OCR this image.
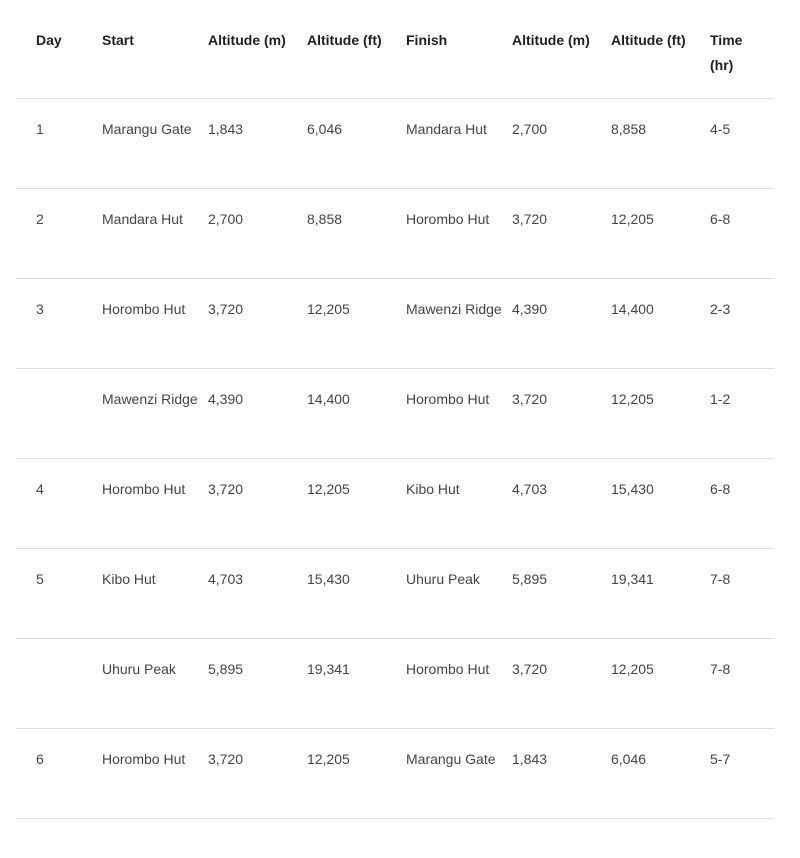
Day	Start	Altitude (m)	Altitude (ft)	Finish	Altitude (m)	Altitude (ft)	Time (hr)

1	Marangu Gate	1,843	6,046	Mandara Hut	2,700	8,858	4-5

2	Mandara Hut	2,700	8,858	Horombo Hut	3,720	12,205	6-8

3	Horombo Hut	3,720	12,205	Mawenzi Ridge	4,390	14,400	2-3

	Mawenzi Ridge	4,390	14,400	Horombo Hut	3,720	12,205	1-2

4	Horombo Hut	3,720	12,205	Kibo Hut	4,703	15,430	6-8

5	Kibo Hut	4,703	15,430	Uhuru Peak	5,895	19,341	7-8

	Uhuru Peak	5,895	19,341	Horombo Hut	3,720	12,205	7-8

6	Horombo Hut	3,720	12,205	Marangu Gate	1,843	6,046	5-7
